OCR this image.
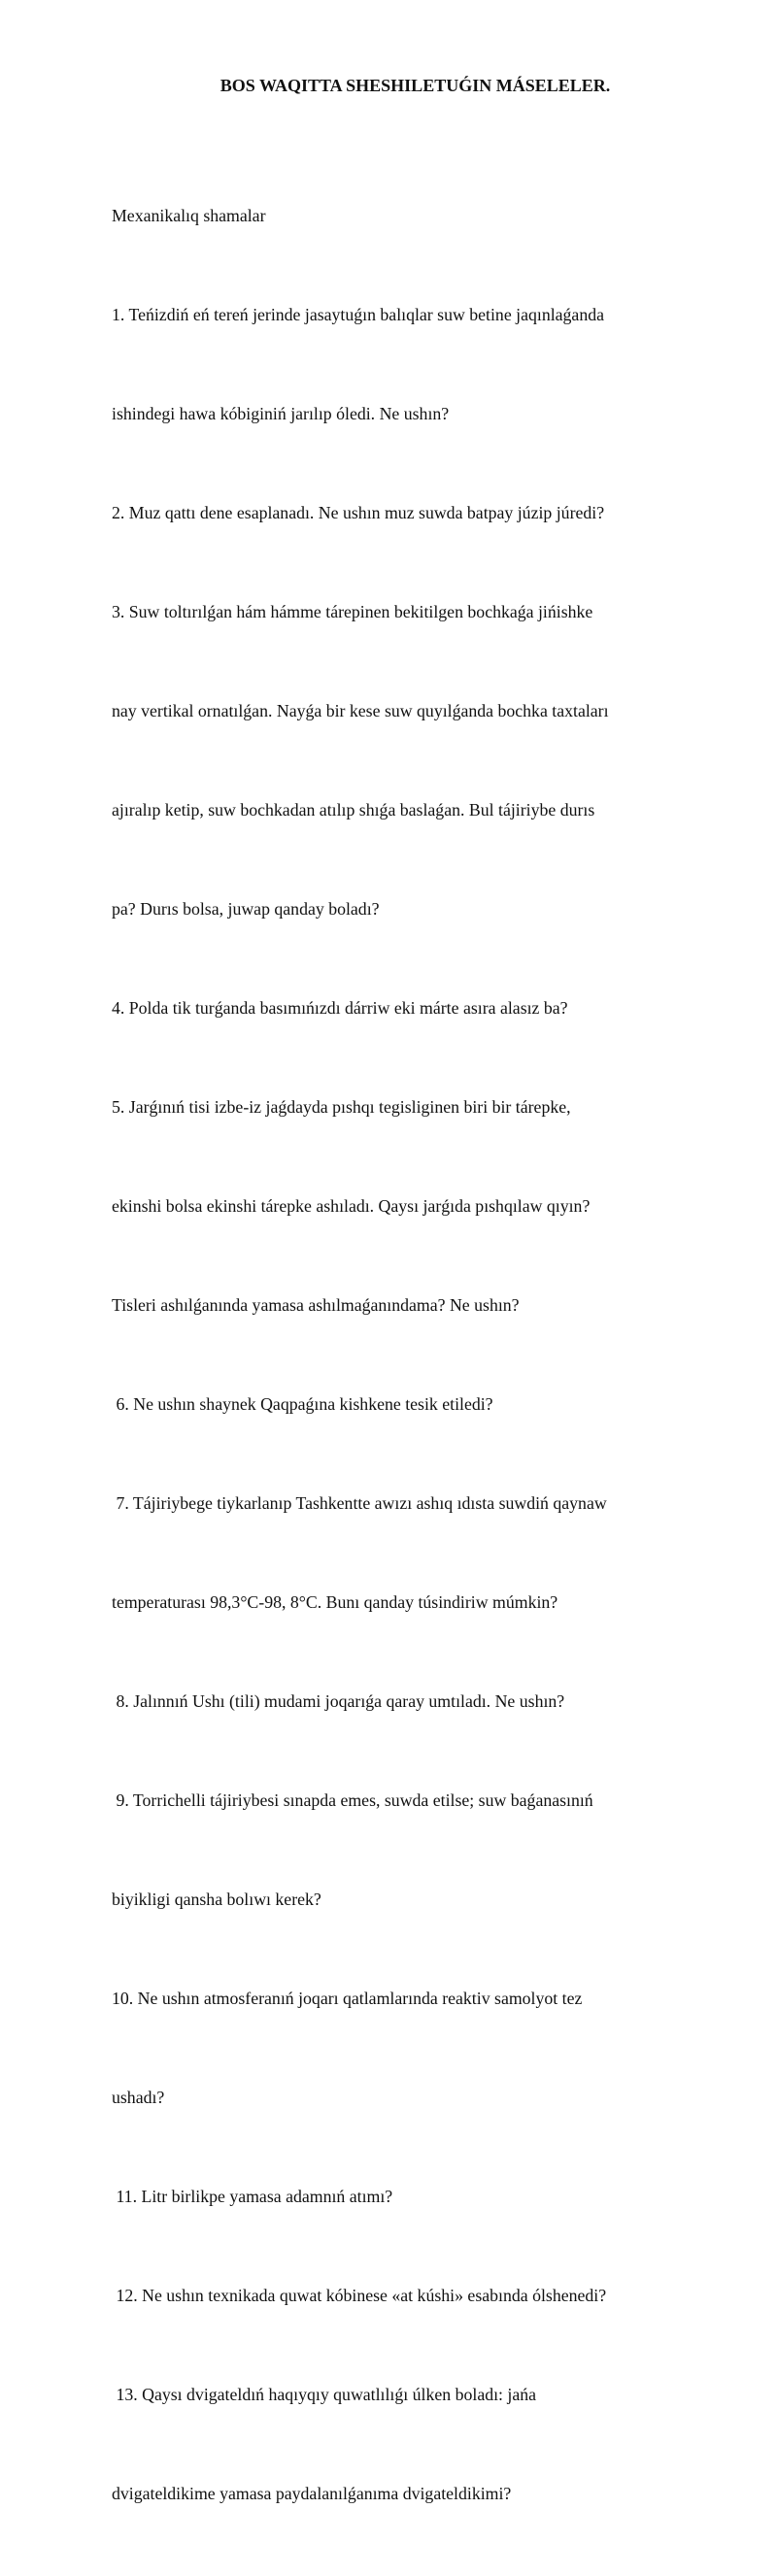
BOS WAQITTA SHESHILETUǴIN MÁSELELER.

Mexanikalıq shamalar

1. Teńizdiń eń tereń jerinde jasaytuǵın balıqlar suw betine jaqınlaǵanda

ishindegi hawa kóbiginiń jarılıp óledi. Ne ushın?

2. Muz qattı dene esaplanadı. Ne ushın muz suwda batpay júzip júredi?

3. Suw toltırılǵan hám hámme tárepinen bekitilgen bochkaǵa jińishke

nay vertikal ornatılǵan. Nayǵa bir kese suw quyılǵanda bochka taxtaları

ajıralıp ketip, suw bochkadan atılıp shıǵa baslaǵan. Bul tájiriybe durıs

pa? Durıs bolsa, juwap qanday boladı?

4. Polda tik turǵanda basımıńızdı dárriw eki márte asıra alasız ba?

5. Jarǵınıń tisi izbe-iz jaǵdayda pıshqı tegisliginen biri bir tárepke,

ekinshi bolsa ekinshi tárepke ashıladı. Qaysı jarǵıda pıshqılaw qıyın?

Tisleri ashılǵanında yamasa ashılmaǵanındama? Ne ushın?

6. Ne ushın shaynek Qaqpaǵına kishkene tesik etiledi?

7. Tájiriybege tiykarlanıp Tashkentte awızı ashıq ıdısta suwdiń qaynaw

temperaturası 98,3°C-98, 8°C. Bunı qanday túsindiriw múmkin?

8. Jalınnıń Ushı (tili) mudami joqarıǵa qaray umtıladı. Ne ushın?

9. Torrichelli tájiriybesi sınapda emes, suwda etilse; suw baǵanasınıń

biyikligi qansha bolıwı kerek?

10. Ne ushın atmosferanıń joqarı qatlamlarında reaktiv samolyot tez

ushadı?

11. Litr birlikpe yamasa adamnıń atımı?

12. Ne ushın texnikada quwat kóbinese «at kúshi» esabında ólshenedi?

13. Qaysı dvigateldıń haqıyqıy quwatlılıǵı úlken boladı: jańa

dvigateldikime yamasa paydalanılǵanıma dvigateldikimi?
